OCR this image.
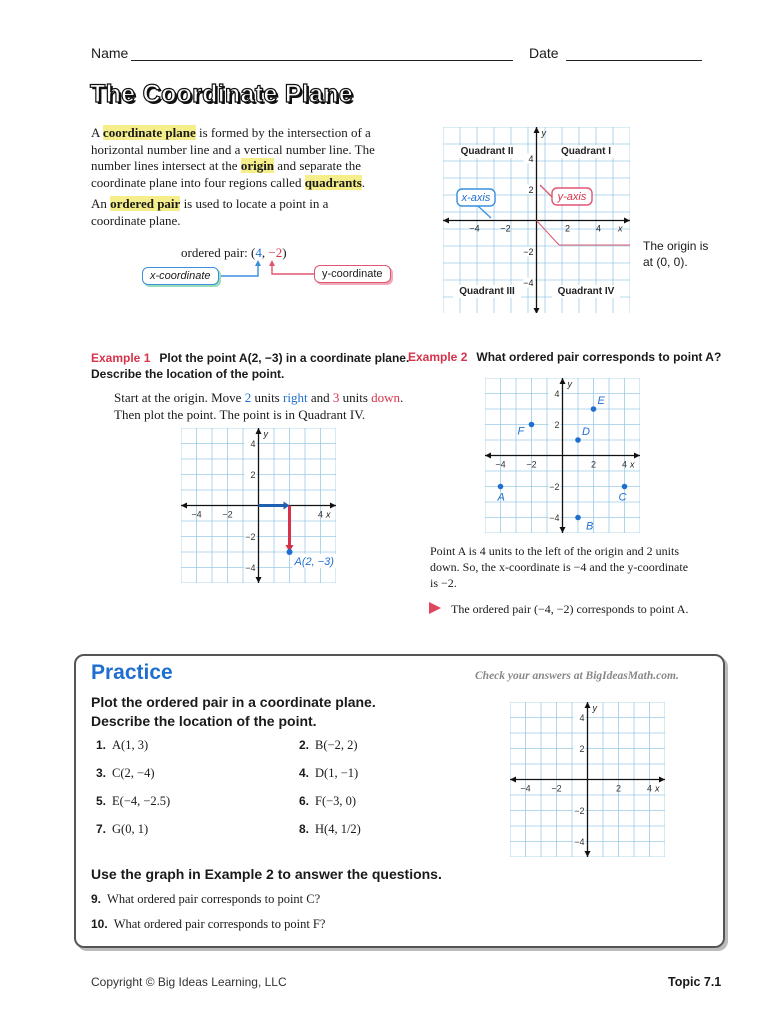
Name	Date
The Coordinate Plane
A coordinate plane is formed by the intersection of a horizontal number line and a vertical number line. The number lines intersect at the origin and separate the coordinate plane into four regions called quadrants.
An ordered pair is used to locate a point in a coordinate plane.
ordered pair: (4, −2)
x-coordinate	y-coordinate
y
x
−4 −2	2	4
4
2
−2
−4
Quadrant II	Quadrant I
Quadrant III	Quadrant IV
x-axis	y-axis
The origin is
at (0, 0).
Example 1 Plot the point A(2, −3) in a coordinate plane.
Describe the location of the point.
Start at the origin. Move 2 units right and 3 units down.
Then plot the point. The point is in Quadrant IV.
y
x
−4 −2	4
4
2
−2
−4	A(2, −3)
Example 2 What ordered pair corresponds to point A?
y
x
−4 −2	2	4
4
2
−2
−4
A
B
C
D
E
F
Point A is 4 units to the left of the origin and 2 units
down. So, the x-coordinate is −4 and the y-coordinate
is −2.
The ordered pair (−4, −2) corresponds to point A.
Practice	Check your answers at BigIdeasMath.com.
Plot the ordered pair in a coordinate plane.
Describe the location of the point.
1. A(1, 3)	2. B(−2, 2)
3. C(2, −4)	4. D(1, −1)
5. E(−4, −2.5)	6. F(−3, 0)
7. G(0, 1)	8. H(4, 1/2)
y
x
−4 −2	2	4
4
2
−2
−4
Use the graph in Example 2 to answer the questions.
9. What ordered pair corresponds to point C?
10. What ordered pair corresponds to point F?
Copyright © Big Ideas Learning, LLC	Topic 7.1
